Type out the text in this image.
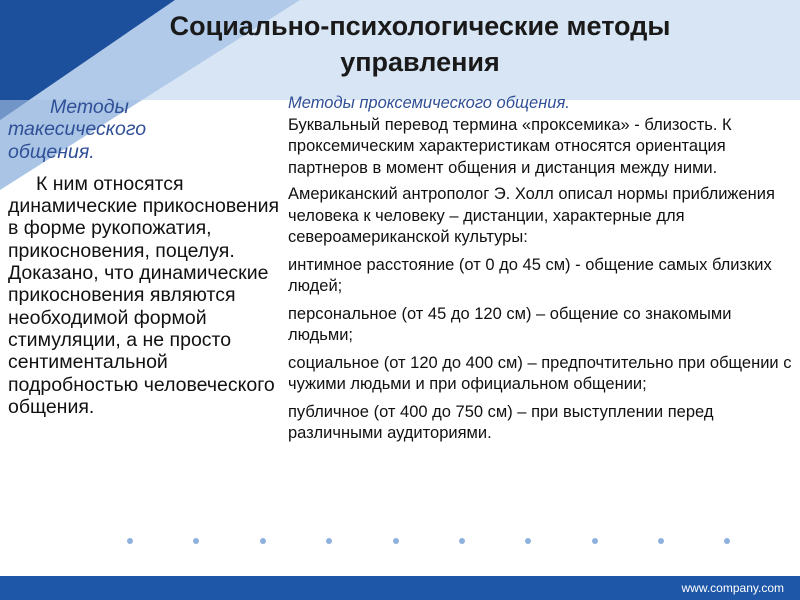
Социально-психологические методы
управления
Методы
такесического
общения.
К ним относятся динамические прикосновения в форме рукопожатия, прикосновения, поцелуя. Доказано, что динамические прикосновения являются необходимой формой стимуляции, а не просто сентиментальной подробностью человеческого общения.

Методы проксемического общения.
Буквальный перевод термина «проксемика» - близость. К проксемическим характеристикам относятся ориентация партнеров в момент общения и дистанция между ними.

Американский антрополог Э. Холл описал нормы приближения человека к человеку – дистанции, характерные для североамериканской культуры:

интимное расстояние (от 0 до 45 см) - общение самых близких людей;

персональное (от 45 до 120 см) – общение со знакомыми людьми;

социальное (от 120 до 400 см) – предпочтительно при общении с чужими людьми и при официальном общении;

публичное (от 400 до 750 см) – при выступлении перед различными аудиториями.

www.company.com
